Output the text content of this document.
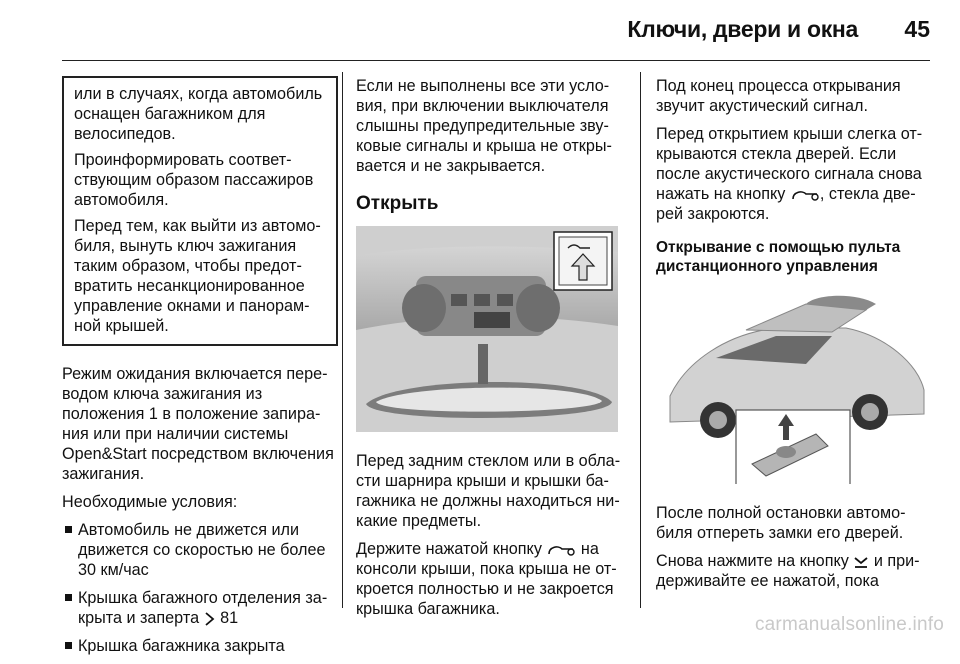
Ключи, двери и окна 45

или в случаях, когда автомобиль оснащен багажником для велосипедов.

Проинформировать соответствующим образом пассажиров автомобиля.

Перед тем, как выйти из автомобиля, вынуть ключ зажигания таким образом, чтобы предотвратить несанкционированное управление окнами и панорамной крышей.

Режим ожидания включается переводом ключа зажигания из положения 1 в положение запирания или при наличии системы Open&Start посредством включения зажигания.

Необходимые условия:

Автомобиль не движется или движется со скоростью не более 30 км/час
Крышка багажного отделения закрыта и заперта 81
Крышка багажника закрыта

Если не выполнены все эти условия, при включении выключателя слышны предупредительные звуковые сигналы и крыша не открывается и не закрывается.

Открыть

Перед задним стеклом или в области шарнира крыши и крышки багажника не должны находиться никакие предметы.

Держите нажатой кнопку на консоли крыши, пока крыша не откроется полностью и не закроется крышка багажника.

Под конец процесса открывания звучит акустический сигнал.

Перед открытием крыши слегка открываются стекла дверей. Если после акустического сигнала снова нажать на кнопку , стекла дверей закроются.

Открывание с помощью пульта дистанционного управления

После полной остановки автомобиля отпереть замки его дверей.

Снова нажмите на кнопку и придерживайте ее нажатой, пока

carmanualsonline.info
